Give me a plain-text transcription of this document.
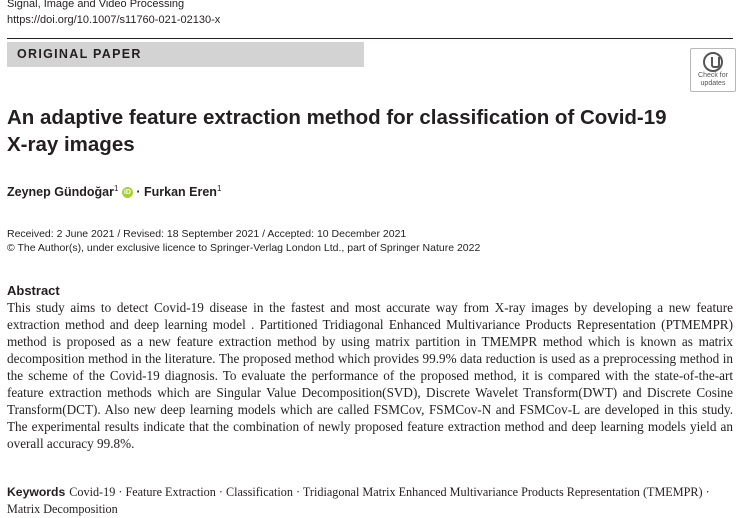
Signal, Image and Video Processing
https://doi.org/10.1007/s11760-021-02130-x
ORIGINAL PAPER
Check for
updates
An adaptive feature extraction method for classification of Covid-19
X-ray images
Zeynep Gündoğar$^1$ iD · Furkan Eren$^1$
Received: 2 June 2021 / Revised: 18 September 2021 / Accepted: 10 December 2021
© The Author(s), under exclusive licence to Springer-Verlag London Ltd., part of Springer Nature 2022
Abstract

This study aims to detect Covid-19 disease in the fastest and most accurate way from X-ray images by developing a new feature extraction method and deep learning model . Partitioned Tridiagonal Enhanced Multivariance Products Representation (PTMEMPR) method is proposed as a new feature extraction method by using matrix partition in TMEMPR method which is known as matrix decomposition method in the literature. The proposed method which provides 99.9% data reduction is used as a preprocessing method in the scheme of the Covid-19 diagnosis. To evaluate the performance of the proposed method, it is compared with the state-of-the-art feature extraction methods which are Singular Value Decomposition(SVD), Discrete Wavelet Transform(DWT) and Discrete Cosine Transform(DCT). Also new deep learning models which are called FSMCov, FSMCov-N and FSMCov-L are developed in this study. The experimental results indicate that the combination of newly proposed feature extraction method and deep learning models yield an overall accuracy 99.8%.

Keywords Covid-19 · Feature Extraction · Classification · Tridiagonal Matrix Enhanced Multivariance Products Representation (TMEMPR) · Matrix Decomposition
